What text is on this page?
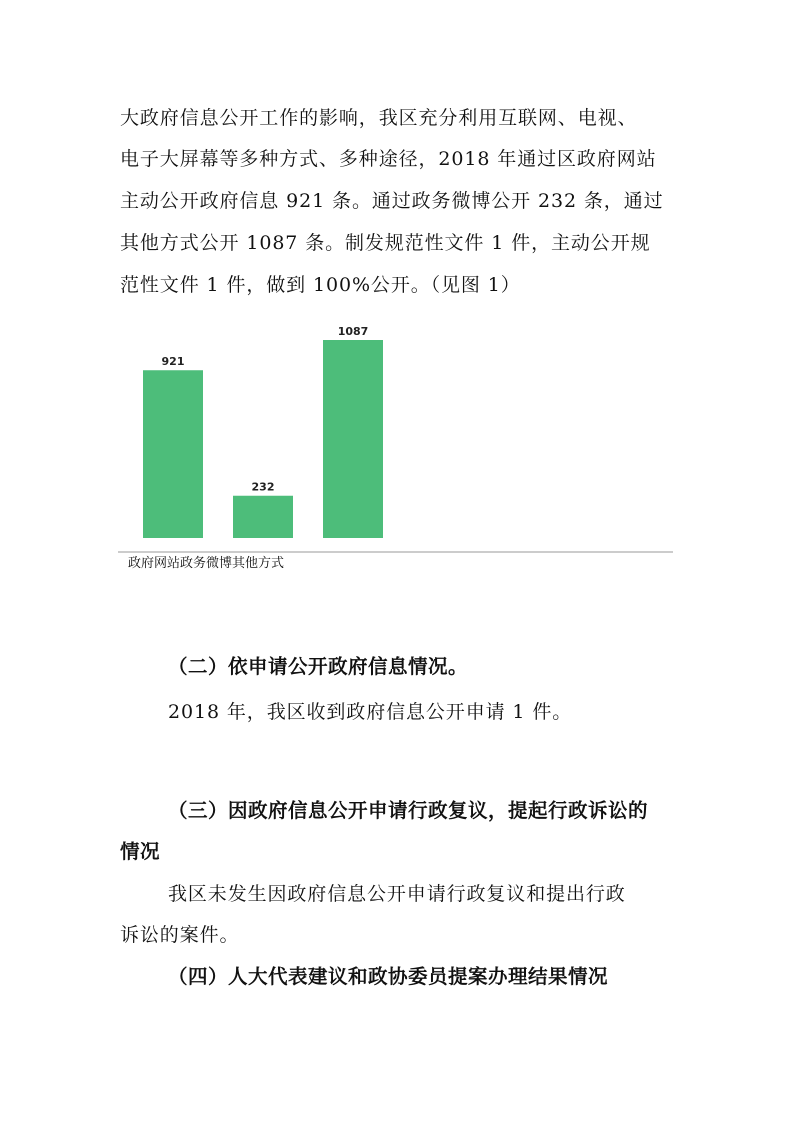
大政府信息公开工作的影响，我区充分利用互联网、电视、
电子大屏幕等多种方式、多种途径，2018 年通过区政府网站
主动公开政府信息 921 条。通过政务微博公开 232 条，通过
其他方式公开 1087 条。制发规范性文件 1 件，主动公开规
范性文件 1 件，做到 100%公开。（见图 1）
921
232
1087
政府网站政务微博其他方式
（二）依申请公开政府信息情况。
2018 年，我区收到政府信息公开申请 1 件。
（三）因政府信息公开申请行政复议，提起行政诉讼的
情况
我区未发生因政府信息公开申请行政复议和提出行政
诉讼的案件。
（四）人大代表建议和政协委员提案办理结果情况
